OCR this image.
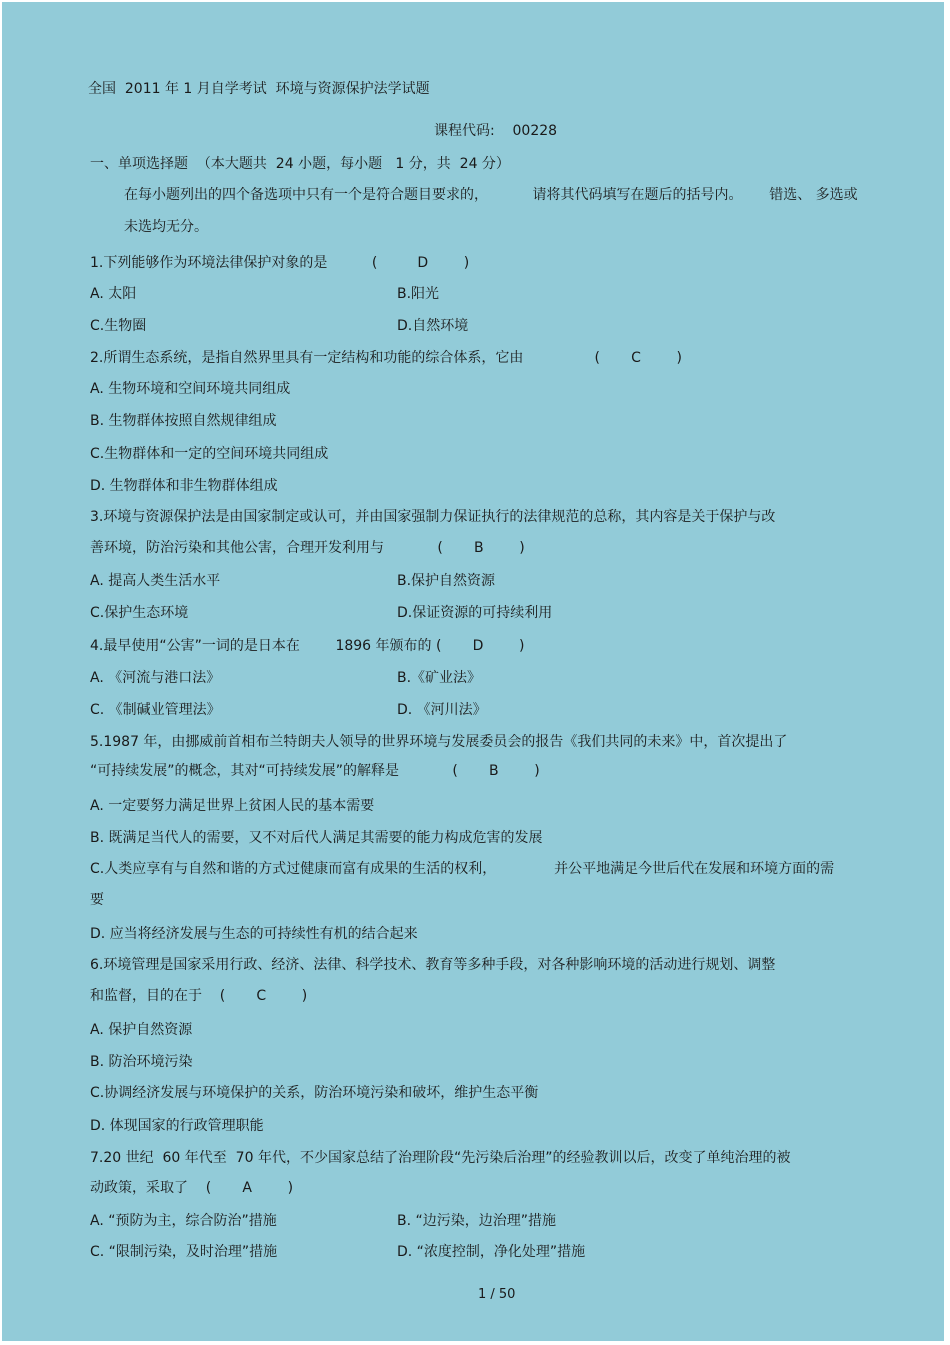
全国  2011 年 1 月自学考试  环境与资源保护法学试题
课程代码:    00228
一、单项选择题  （本大题共  24 小题，每小题   1 分，共  24 分）
在每小题列出的四个备选项中只有一个是符合题目要求的，          请将其代码填写在题后的括号内。      错选、 多选或
未选均无分。
1.下列能够作为环境法律保护对象的是          (         D        )
A. 太阳	B.阳光
C.生物圈	D.自然环境
2.所谓生态系统，是指自然界里具有一定结构和功能的综合体系，它由                (       C        )
A. 生物环境和空间环境共同组成
B. 生物群体按照自然规律组成
C.生物群体和一定的空间环境共同组成
D. 生物群体和非生物群体组成
3.环境与资源保护法是由国家制定或认可，并由国家强制力保证执行的法律规范的总称，其内容是关于保护与改
善环境，防治污染和其他公害，合理开发利用与            (       B        )
A. 提高人类生活水平	B.保护自然资源
C.保护生态环境	D.保证资源的可持续利用
4.最早使用“公害”一词的是日本在        1896 年颁布的 (       D        )
A. 《河流与港口法》	B.《矿业法》
C. 《制碱业管理法》	D. 《河川法》
5.1987 年，由挪威前首相布兰特朗夫人领导的世界环境与发展委员会的报告《我们共同的未来》中，首次提出了
“可持续发展”的概念，其对“可持续发展”的解释是            (       B        )
A. 一定要努力满足世界上贫困人民的基本需要
B. 既满足当代人的需要，又不对后代人满足其需要的能力构成危害的发展
C.人类应享有与自然和谐的方式过健康而富有成果的生活的权利，             并公平地满足今世后代在发展和环境方面的需
要
D. 应当将经济发展与生态的可持续性有机的结合起来
6.环境管理是国家采用行政、经济、法律、科学技术、教育等多种手段，对各种影响环境的活动进行规划、调整
和监督，目的在于    (       C        )
A. 保护自然资源
B. 防治环境污染
C.协调经济发展与环境保护的关系，防治环境污染和破坏，维护生态平衡
D. 体现国家的行政管理职能
7.20 世纪  60 年代至  70 年代，不少国家总结了治理阶段“先污染后治理”的经验教训以后，改变了单纯治理的被
动政策，采取了    (       A        )
A. “预防为主，综合防治”措施	B. “边污染，边治理”措施
C. “限制污染，及时治理”措施	D. “浓度控制，净化处理”措施
1 / 50
